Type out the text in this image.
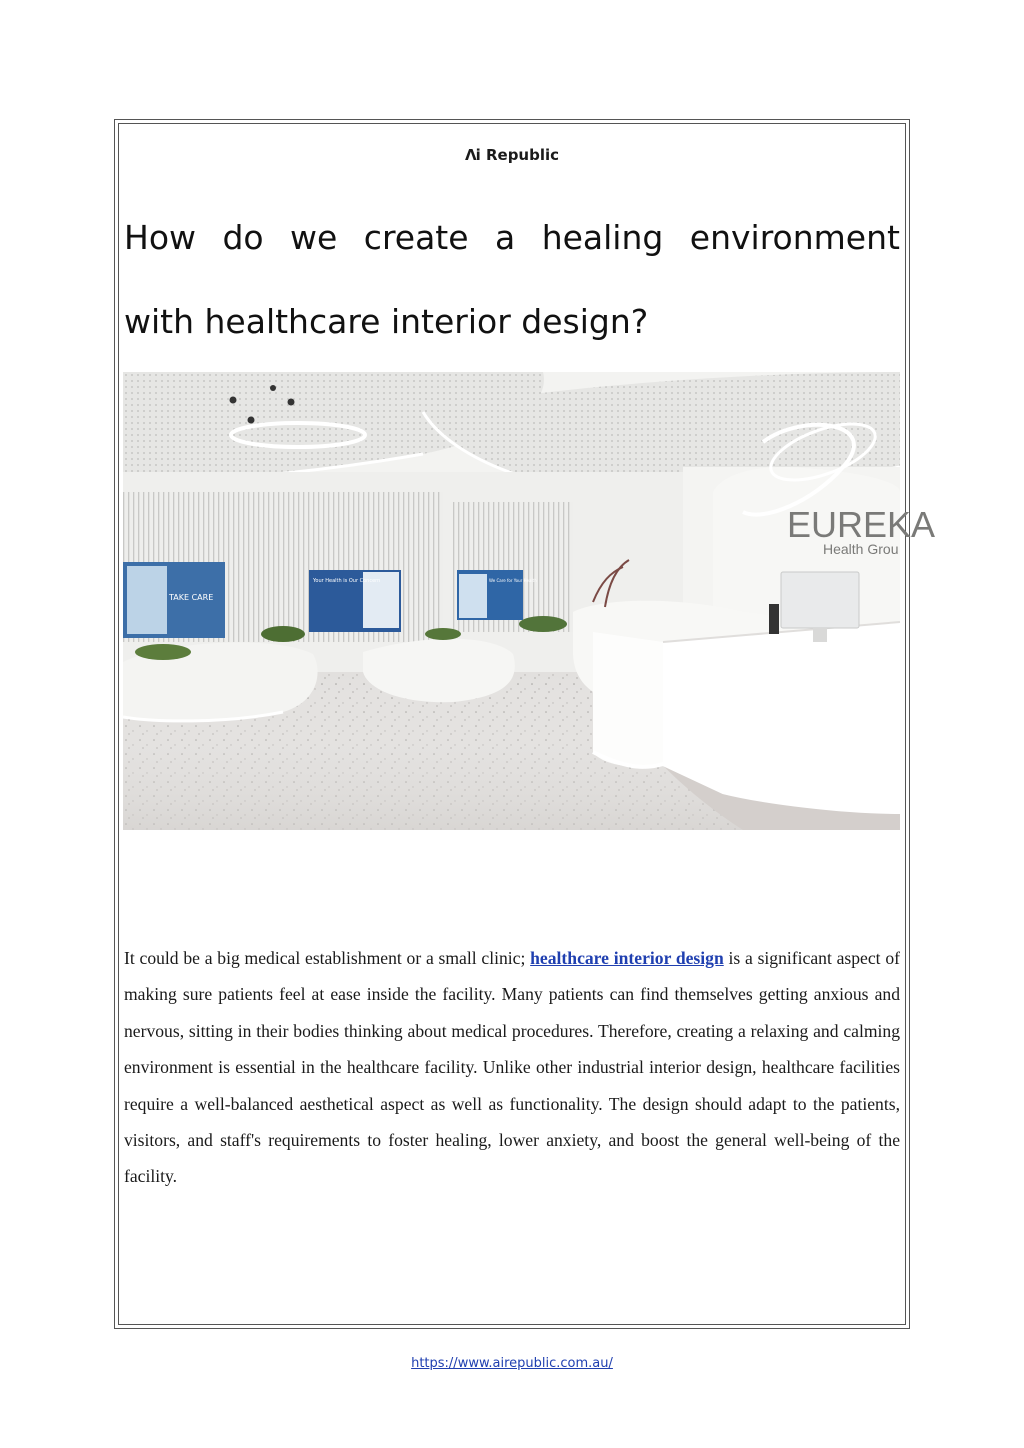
Λi Republic
How do we create a healing environment
with healthcare interior design?
TAKE CARE
Your Health is Our Concern	We Care for Your Health
EUREKA
Health Grou

It could be a big medical establishment or a small clinic; healthcare interior design is a significant aspect of making sure patients feel at ease inside the facility. Many patients can find themselves getting anxious and nervous, sitting in their bodies thinking about medical procedures. Therefore, creating a relaxing and calming environment is essential in the healthcare facility. Unlike other industrial interior design, healthcare facilities require a well-balanced aesthetical aspect as well as functionality. The design should adapt to the patients, visitors, and staff's requirements to foster healing, lower anxiety, and boost the general well-being of the facility.

https://www.airepublic.com.au/
